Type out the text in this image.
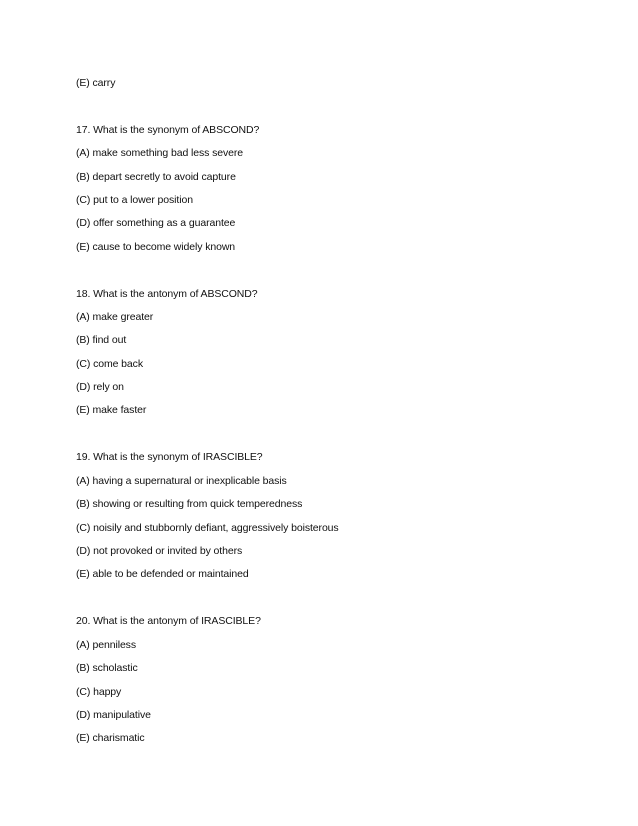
(E) carry
17. What is the synonym of ABSCOND?
(A) make something bad less severe
(B) depart secretly to avoid capture
(C) put to a lower position
(D) offer something as a guarantee
(E) cause to become widely known
18. What is the antonym of ABSCOND?
(A) make greater
(B) find out
(C) come back
(D) rely on
(E) make faster
19. What is the synonym of IRASCIBLE?
(A) having a supernatural or inexplicable basis
(B) showing or resulting from quick temperedness
(C) noisily and stubbornly defiant, aggressively boisterous
(D) not provoked or invited by others
(E) able to be defended or maintained
20. What is the antonym of IRASCIBLE?
(A) penniless
(B) scholastic
(C) happy
(D) manipulative
(E) charismatic
